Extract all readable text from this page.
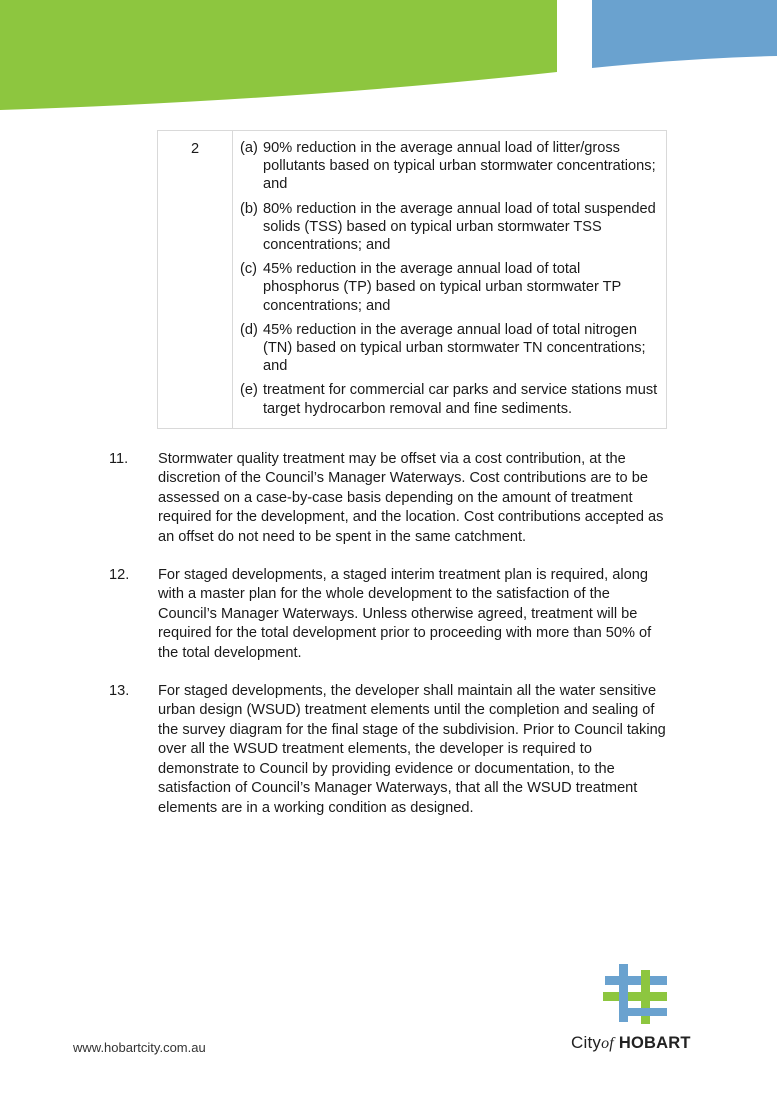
2	(a) 90% reduction in the average annual load of litter/gross pollutants based on typical urban stormwater concentrations; and
(b) 80% reduction in the average annual load of total suspended solids (TSS) based on typical urban stormwater TSS concentrations; and
(c) 45% reduction in the average annual load of total phosphorus (TP) based on typical urban stormwater TP concentrations; and
(d) 45% reduction in the average annual load of total nitrogen (TN) based on typical urban stormwater TN concentrations; and
(e) treatment for commercial car parks and service stations must target hydrocarbon removal and fine sediments.
11.	Stormwater quality treatment may be offset via a cost contribution, at the discretion of the Council’s Manager Waterways. Cost contributions are to be assessed on a case-by-case basis depending on the amount of treatment required for the development, and the location. Cost contributions accepted as an offset do not need to be spent in the same catchment.
12.	For staged developments, a staged interim treatment plan is required, along with a master plan for the whole development to the satisfaction of the Council’s Manager Waterways. Unless otherwise agreed, treatment will be required for the total development prior to proceeding with more than 50% of the total development.
13.	For staged developments, the developer shall maintain all the water sensitive urban design (WSUD) treatment elements until the completion and sealing of the survey diagram for the final stage of the subdivision. Prior to Council taking over all the WSUD treatment elements, the developer is required to demonstrate to Council by providing evidence or documentation, to the satisfaction of Council’s Manager Waterways, that all the WSUD treatment elements are in a working condition as designed.
www.hobartcity.com.au	Cityof HOBART
